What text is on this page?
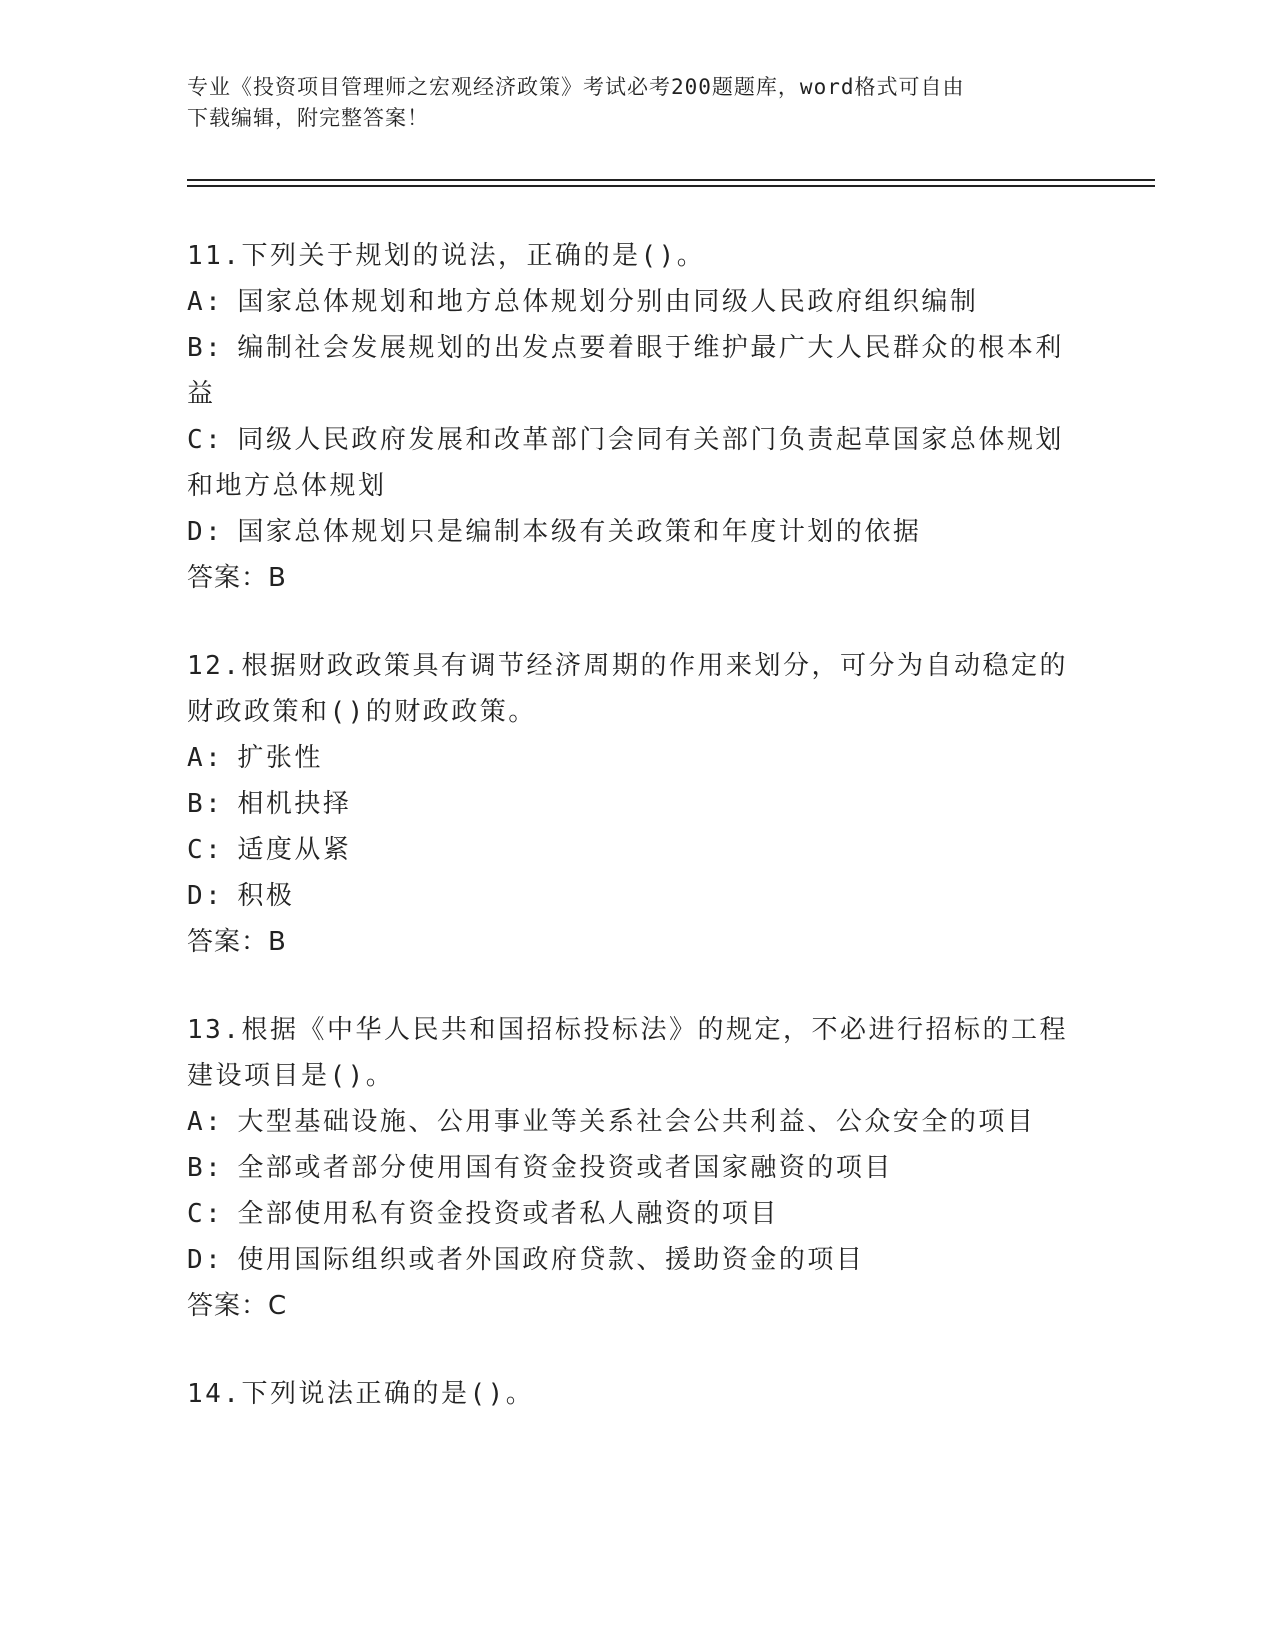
专业《投资项目管理师之宏观经济政策》考试必考200题题库，word格式可自由
下载编辑，附完整答案！
11.下列关于规划的说法，正确的是()。
A: 国家总体规划和地方总体规划分别由同级人民政府组织编制
B: 编制社会发展规划的出发点要着眼于维护最广大人民群众的根本利
益
C: 同级人民政府发展和改革部门会同有关部门负责起草国家总体规划
和地方总体规划
D: 国家总体规划只是编制本级有关政策和年度计划的依据
答案：B
12.根据财政政策具有调节经济周期的作用来划分，可分为自动稳定的
财政政策和()的财政政策。
A: 扩张性
B: 相机抉择
C: 适度从紧
D: 积极
答案：B
13.根据《中华人民共和国招标投标法》的规定，不必进行招标的工程
建设项目是()。
A: 大型基础设施、公用事业等关系社会公共利益、公众安全的项目
B: 全部或者部分使用国有资金投资或者国家融资的项目
C: 全部使用私有资金投资或者私人融资的项目
D: 使用国际组织或者外国政府贷款、援助资金的项目
答案：C
14.下列说法正确的是()。
